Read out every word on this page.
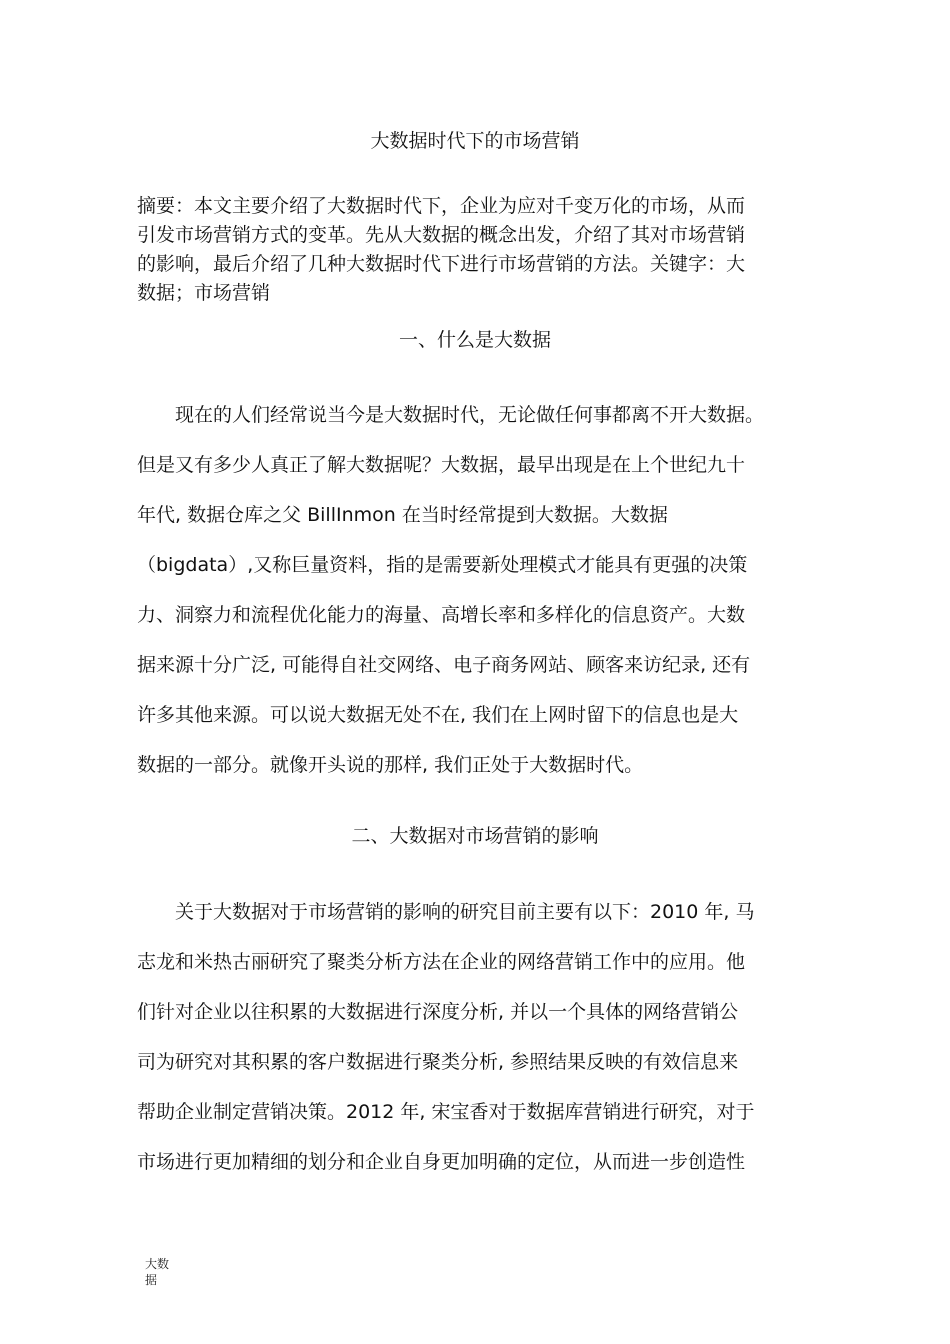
大数据时代下的市场营销
摘要：本文主要介绍了大数据时代下，企业为应对千变万化的市场，从而
引发市场营销方式的变革。先从大数据的概念出发，介绍了其对市场营销
的影响，最后介绍了几种大数据时代下进行市场营销的方法。关键字：大
数据；市场营销
一、什么是大数据
　　现在的人们经常说当今是大数据时代，无论做任何事都离不开大数据。
但是又有多少人真正了解大数据呢？大数据，最早出现是在上个世纪九十
年代, 数据仓库之父 BillInmon 在当时经常提到大数据。大数据
（bigdata）,又称巨量资料，指的是需要新处理模式才能具有更强的决策
力、洞察力和流程优化能力的海量、高增长率和多样化的信息资产。大数
据来源十分广泛, 可能得自社交网络、电子商务网站、顾客来访纪录, 还有
许多其他来源。可以说大数据无处不在, 我们在上网时留下的信息也是大
数据的一部分。就像开头说的那样, 我们正处于大数据时代。
二、大数据对市场营销的影响
　　关于大数据对于市场营销的影响的研究目前主要有以下：2010 年, 马
志龙和米热古丽研究了聚类分析方法在企业的网络营销工作中的应用。他
们针对企业以往积累的大数据进行深度分析, 并以一个具体的网络营销公
司为研究对其积累的客户数据进行聚类分析, 参照结果反映的有效信息来
帮助企业制定营销决策。2012 年, 宋宝香对于数据库营销进行研究，对于
市场进行更加精细的划分和企业自身更加明确的定位，从而进一步创造性
大数
据
